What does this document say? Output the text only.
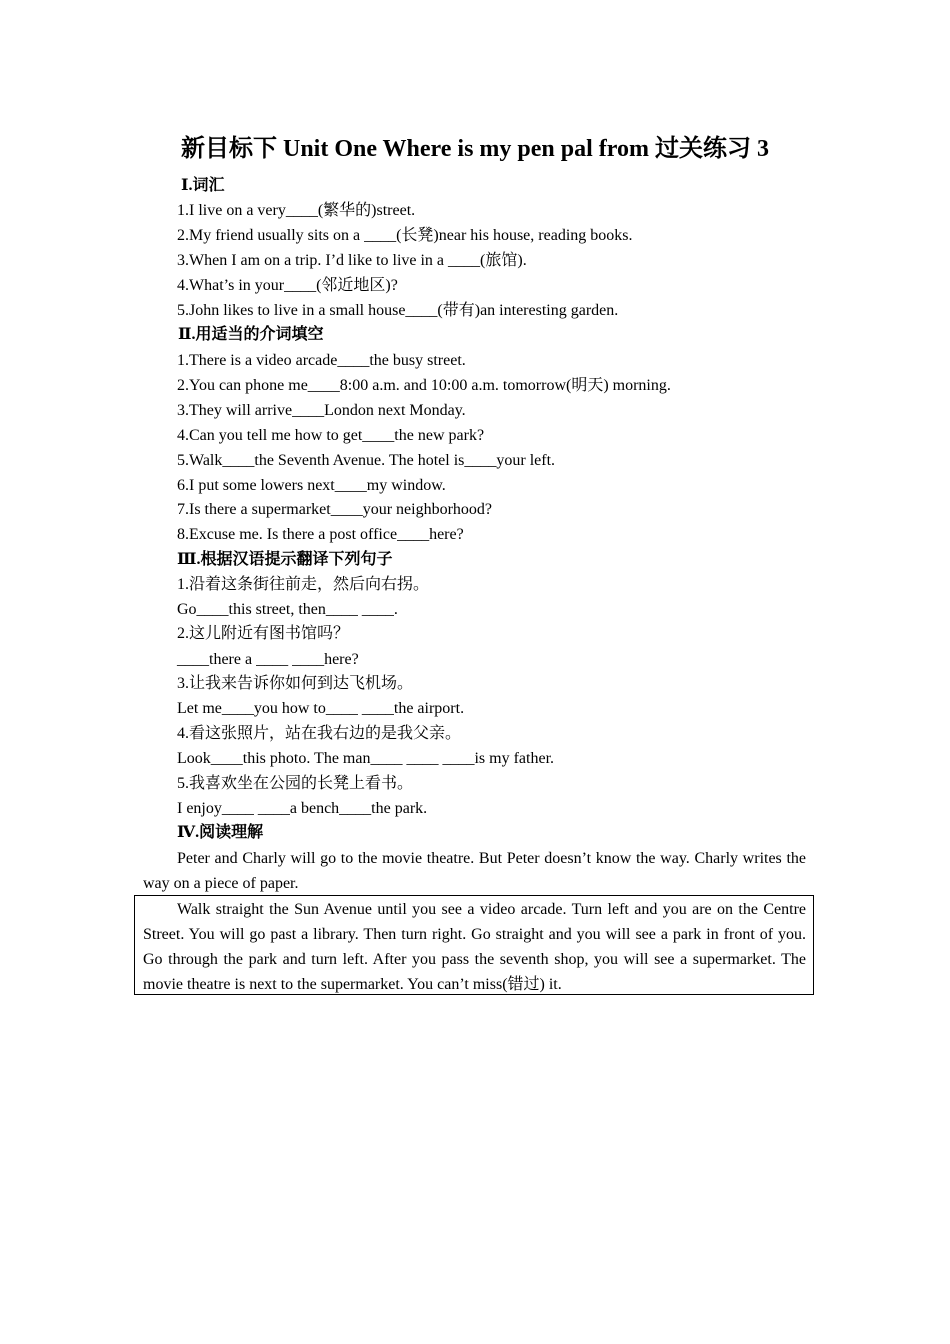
新目标下 Unit One Where is my pen pal from 过关练习 3
Ⅰ.词汇
1.I live on a very____(繁华的)street.
2.My friend usually sits on a ____(长凳)near his house, reading books.
3.When I am on a trip. I’d like to live in a ____(旅馆).
4.What’s in your____(邻近地区)?
5.John likes to live in a small house____(带有)an interesting garden.
Ⅱ.用适当的介词填空
1.There is a video arcade____the busy street.
2.You can phone me____8:00 a.m. and 10:00 a.m. tomorrow(明天) morning.
3.They will arrive____London next Monday.
4.Can you tell me how to get____the new park?
5.Walk____the Seventh Avenue. The hotel is____your left.
6.I put some lowers next____my window.
7.Is there a supermarket____your neighborhood?
8.Excuse me. Is there a post office____here?
Ⅲ.根据汉语提示翻译下列句子
1.沿着这条街往前走，然后向右拐。
Go____this street, then____ ____.
2.这儿附近有图书馆吗？
____there a ____ ____here?
3.让我来告诉你如何到达飞机场。
Let me____you how to____ ____the airport.
4.看这张照片，站在我右边的是我父亲。
Look____this photo. The man____ ____ ____is my father.
5.我喜欢坐在公园的长凳上看书。
I enjoy____ ____a bench____the park.
Ⅳ.阅读理解
Peter and Charly will go to the movie theatre. But Peter doesn’t know the way. Charly writes the way on a piece of paper.
Walk straight the Sun Avenue until you see a video arcade. Turn left and you are on the Centre Street. You will go past a library. Then turn right. Go straight and you will see a park in front of you. Go through the park and turn left. After you pass the seventh shop, you will see a supermarket. The movie theatre is next to the supermarket. You can’t miss(错过) it.
